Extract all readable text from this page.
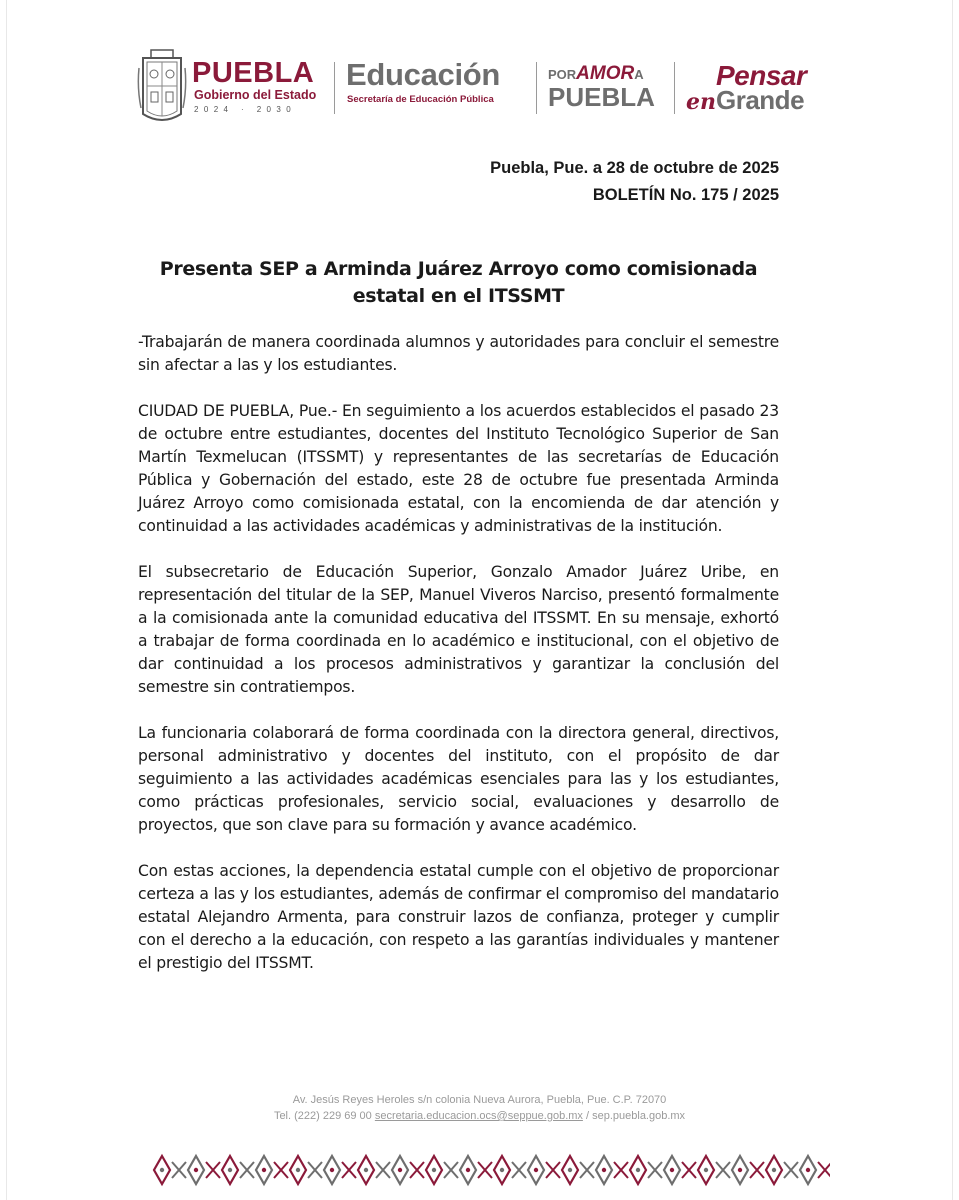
PUEBLA
Gobierno del Estado
2024 · 2030
Educación
Secretaría de Educación Pública
PORAMORA
PUEBLA
Pensar
enGrande
Puebla, Pue. a 28 de octubre de 2025
BOLETÍN No. 175 / 2025
Presenta SEP a Arminda Juárez Arroyo como comisionada estatal en el ITSSMT

-Trabajarán de manera coordinada alumnos y autoridades para concluir el semestre sin afectar a las y los estudiantes.

CIUDAD DE PUEBLA, Pue.- En seguimiento a los acuerdos establecidos el pasado 23 de octubre entre estudiantes, docentes del Instituto Tecnológico Superior de San Martín Texmelucan (ITSSMT) y representantes de las secretarías de Educación Pública y Gobernación del estado, este 28 de octubre fue presentada Arminda Juárez Arroyo como comisionada estatal, con la encomienda de dar atención y continuidad a las actividades académicas y administrativas de la institución.

El subsecretario de Educación Superior, Gonzalo Amador Juárez Uribe, en representación del titular de la SEP, Manuel Viveros Narciso, presentó formalmente a la comisionada ante la comunidad educativa del ITSSMT. En su mensaje, exhortó a trabajar de forma coordinada en lo académico e institucional, con el objetivo de dar continuidad a los procesos administrativos y garantizar la conclusión del semestre sin contratiempos.

La funcionaria colaborará de forma coordinada con la directora general, directivos, personal administrativo y docentes del instituto, con el propósito de dar seguimiento a las actividades académicas esenciales para las y los estudiantes, como prácticas profesionales, servicio social, evaluaciones y desarrollo de proyectos, que son clave para su formación y avance académico.

Con estas acciones, la dependencia estatal cumple con el objetivo de proporcionar certeza a las y los estudiantes, además de confirmar el compromiso del mandatario estatal Alejandro Armenta, para construir lazos de confianza, proteger y cumplir con el derecho a la educación, con respeto a las garantías individuales y mantener el prestigio del ITSSMT.

Av. Jesús Reyes Heroles s/n colonia Nueva Aurora, Puebla, Pue. C.P. 72070
Tel. (222) 229 69 00 secretaria.educacion.ocs@seppue.gob.mx / sep.puebla.gob.mx
